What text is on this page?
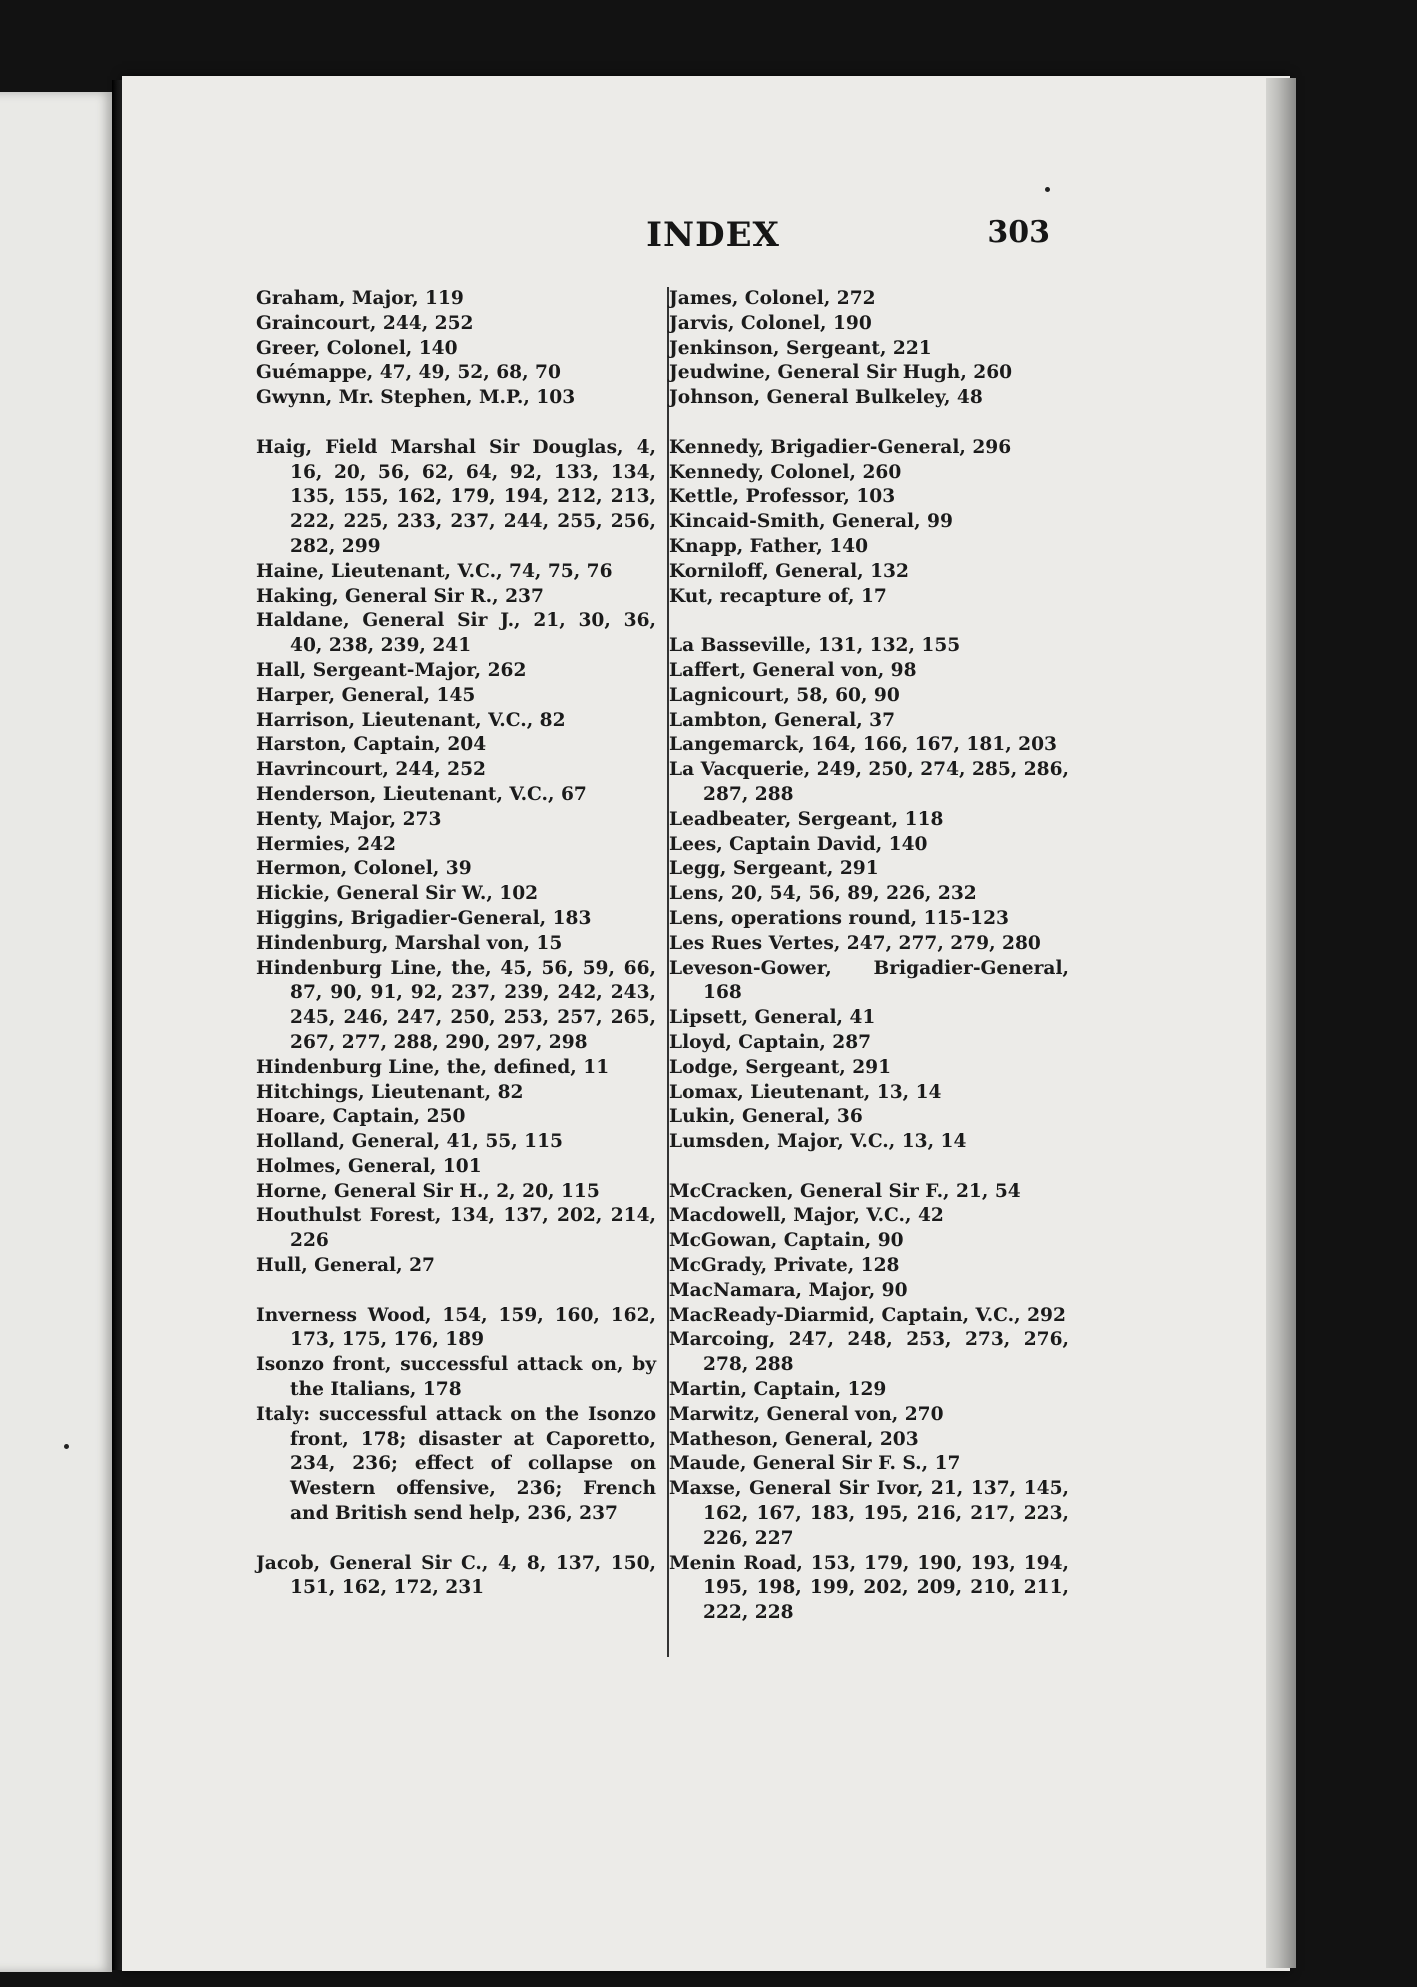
INDEX	303
Graham, Major, 119
Graincourt, 244, 252
Greer, Colonel, 140
Guémappe, 47, 49, 52, 68, 70
Gwynn, Mr. Stephen, M.P., 103
Haig, Field Marshal Sir Douglas, 4, 16, 20, 56, 62, 64, 92, 133, 134, 135, 155, 162, 179, 194, 212, 213, 222, 225, 233, 237, 244, 255, 256, 282, 299
Haine, Lieutenant, V.C., 74, 75, 76
Haking, General Sir R., 237
Haldane, General Sir J., 21, 30, 36, 40, 238, 239, 241
Hall, Sergeant-Major, 262
Harper, General, 145
Harrison, Lieutenant, V.C., 82
Harston, Captain, 204
Havrincourt, 244, 252
Henderson, Lieutenant, V.C., 67
Henty, Major, 273
Hermies, 242
Hermon, Colonel, 39
Hickie, General Sir W., 102
Higgins, Brigadier-General, 183
Hindenburg, Marshal von, 15
Hindenburg Line, the, 45, 56, 59, 66, 87, 90, 91, 92, 237, 239, 242, 243, 245, 246, 247, 250, 253, 257, 265, 267, 277, 288, 290, 297, 298
Hindenburg Line, the, defined, 11
Hitchings, Lieutenant, 82
Hoare, Captain, 250
Holland, General, 41, 55, 115
Holmes, General, 101
Horne, General Sir H., 2, 20, 115
Houthulst Forest, 134, 137, 202, 214, 226
Hull, General, 27
Inverness Wood, 154, 159, 160, 162, 173, 175, 176, 189
Isonzo front, successful attack on, by the Italians, 178
Italy: successful attack on the Isonzo front, 178; disaster at Caporetto, 234, 236; effect of collapse on Western offensive, 236; French and British send help, 236, 237
Jacob, General Sir C., 4, 8, 137, 150, 151, 162, 172, 231
James, Colonel, 272
Jarvis, Colonel, 190
Jenkinson, Sergeant, 221
Jeudwine, General Sir Hugh, 260
Johnson, General Bulkeley, 48
Kennedy, Brigadier-General, 296
Kennedy, Colonel, 260
Kettle, Professor, 103
Kincaid-Smith, General, 99
Knapp, Father, 140
Korniloff, General, 132
Kut, recapture of, 17
La Basseville, 131, 132, 155
Laffert, General von, 98
Lagnicourt, 58, 60, 90
Lambton, General, 37
Langemarck, 164, 166, 167, 181, 203
La Vacquerie, 249, 250, 274, 285, 286, 287, 288
Leadbeater, Sergeant, 118
Lees, Captain David, 140
Legg, Sergeant, 291
Lens, 20, 54, 56, 89, 226, 232
Lens, operations round, 115-123
Les Rues Vertes, 247, 277, 279, 280
Leveson-Gower, Brigadier-General, 168
Lipsett, General, 41
Lloyd, Captain, 287
Lodge, Sergeant, 291
Lomax, Lieutenant, 13, 14
Lukin, General, 36
Lumsden, Major, V.C., 13, 14
McCracken, General Sir F., 21, 54
Macdowell, Major, V.C., 42
McGowan, Captain, 90
McGrady, Private, 128
MacNamara, Major, 90
MacReady-Diarmid, Captain, V.C., 292
Marcoing, 247, 248, 253, 273, 276, 278, 288
Martin, Captain, 129
Marwitz, General von, 270
Matheson, General, 203
Maude, General Sir F. S., 17
Maxse, General Sir Ivor, 21, 137, 145, 162, 167, 183, 195, 216, 217, 223, 226, 227
Menin Road, 153, 179, 190, 193, 194, 195, 198, 199, 202, 209, 210, 211, 222, 228
